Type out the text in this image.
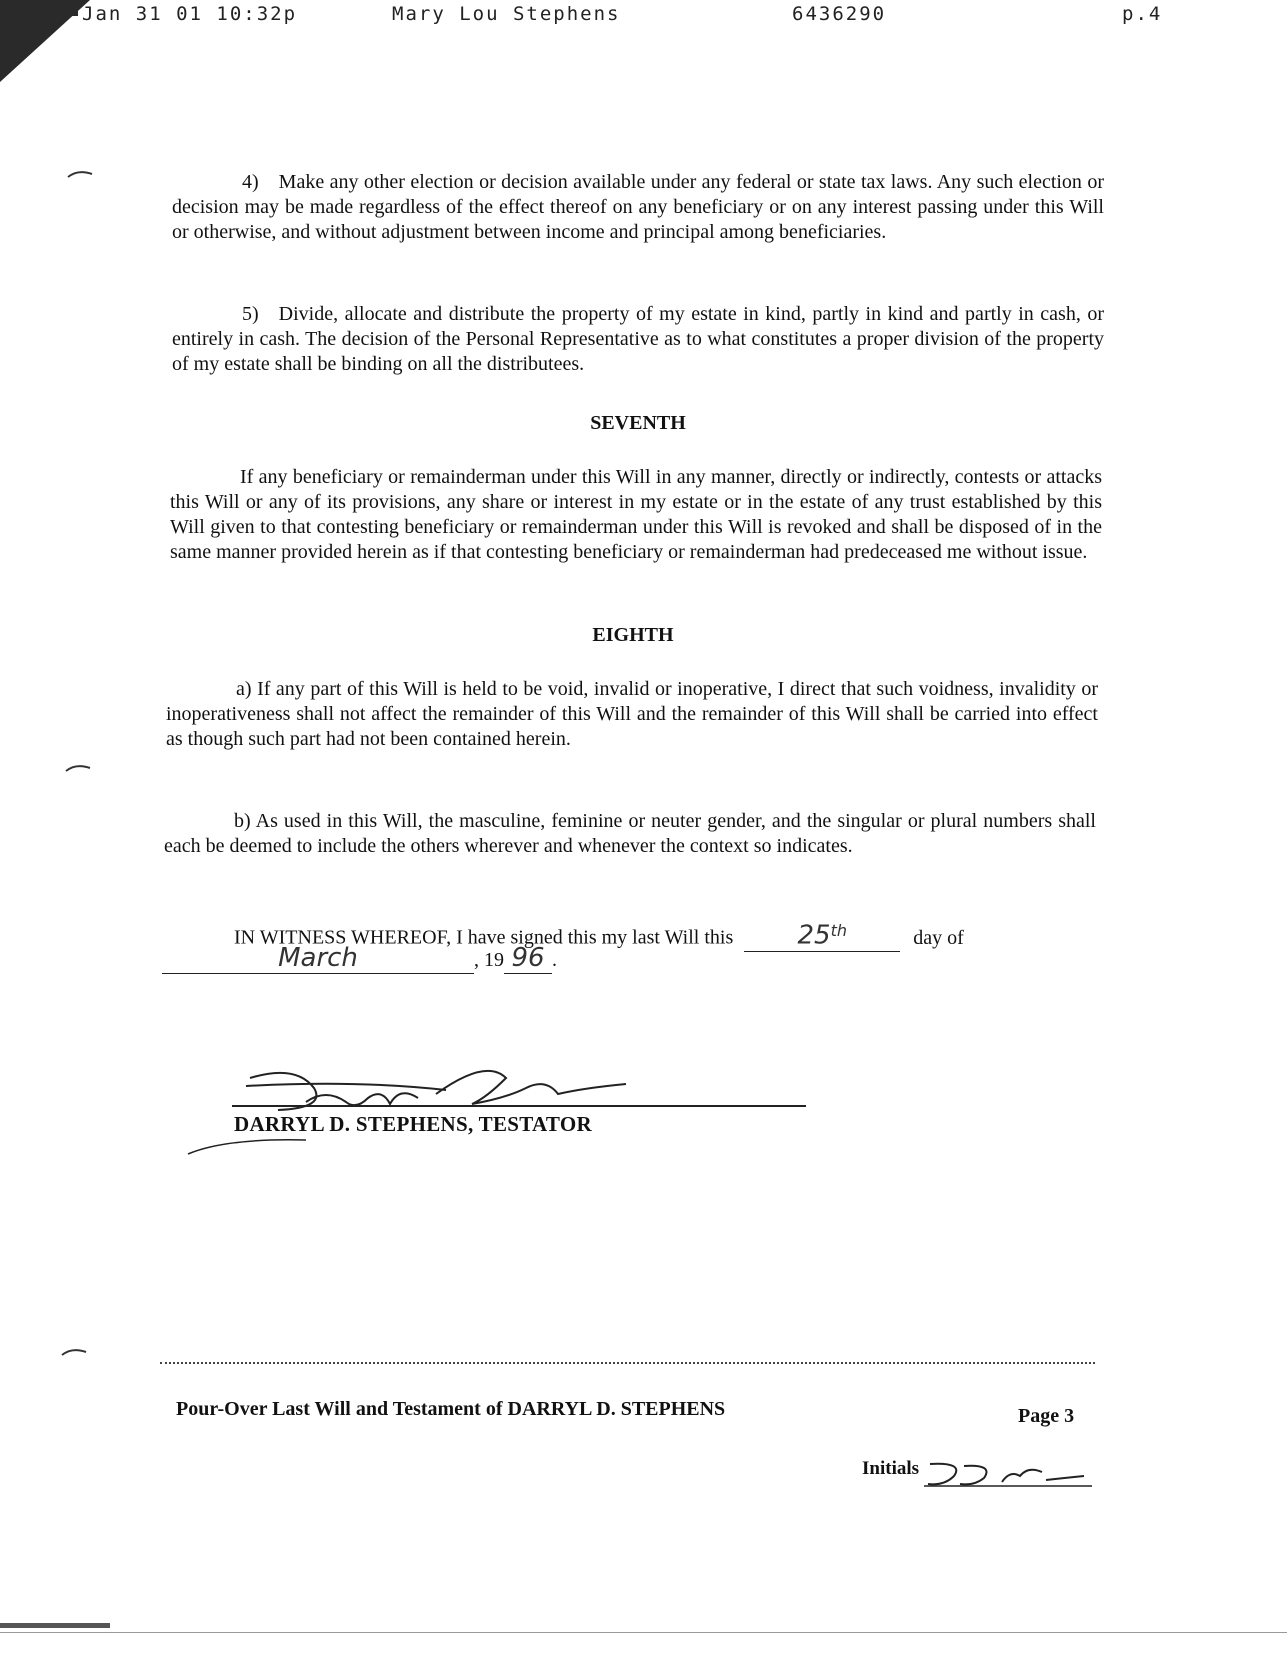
Jan 31 01 10:32p	Mary Lou Stephens	6436290	p.4

4) Make any other election or decision available under any federal or state tax laws. Any such election or decision may be made regardless of the effect thereof on any beneficiary or on any interest passing under this Will or otherwise, and without adjustment between income and principal among beneficiaries.

5) Divide, allocate and distribute the property of my estate in kind, partly in kind and partly in cash, or entirely in cash. The decision of the Personal Representative as to what constitutes a proper division of the property of my estate shall be binding on all the distributees.

SEVENTH

If any beneficiary or remainderman under this Will in any manner, directly or indirectly, contests or attacks this Will or any of its provisions, any share or interest in my estate or in the estate of any trust established by this Will given to that contesting beneficiary or remainderman under this Will is revoked and shall be disposed of in the same manner provided herein as if that contesting beneficiary or remainderman had predeceased me without issue.

EIGHTH

a) If any part of this Will is held to be void, invalid or inoperative, I direct that such voidness, invalidity or inoperativeness shall not affect the remainder of this Will and the remainder of this Will shall be carried into effect as though such part had not been contained herein.

b) As used in this Will, the masculine, feminine or neuter gender, and the singular or plural numbers shall each be deemed to include the others wherever and whenever the context so indicates.

IN WITNESS WHEREOF, I have signed this my last Will this 25th	day of
March	, 19 96 .
DARRYL D. STEPHENS, TESTATOR
Pour-Over Last Will and Testament of DARRYL D. STEPHENS	Page 3
Initials
